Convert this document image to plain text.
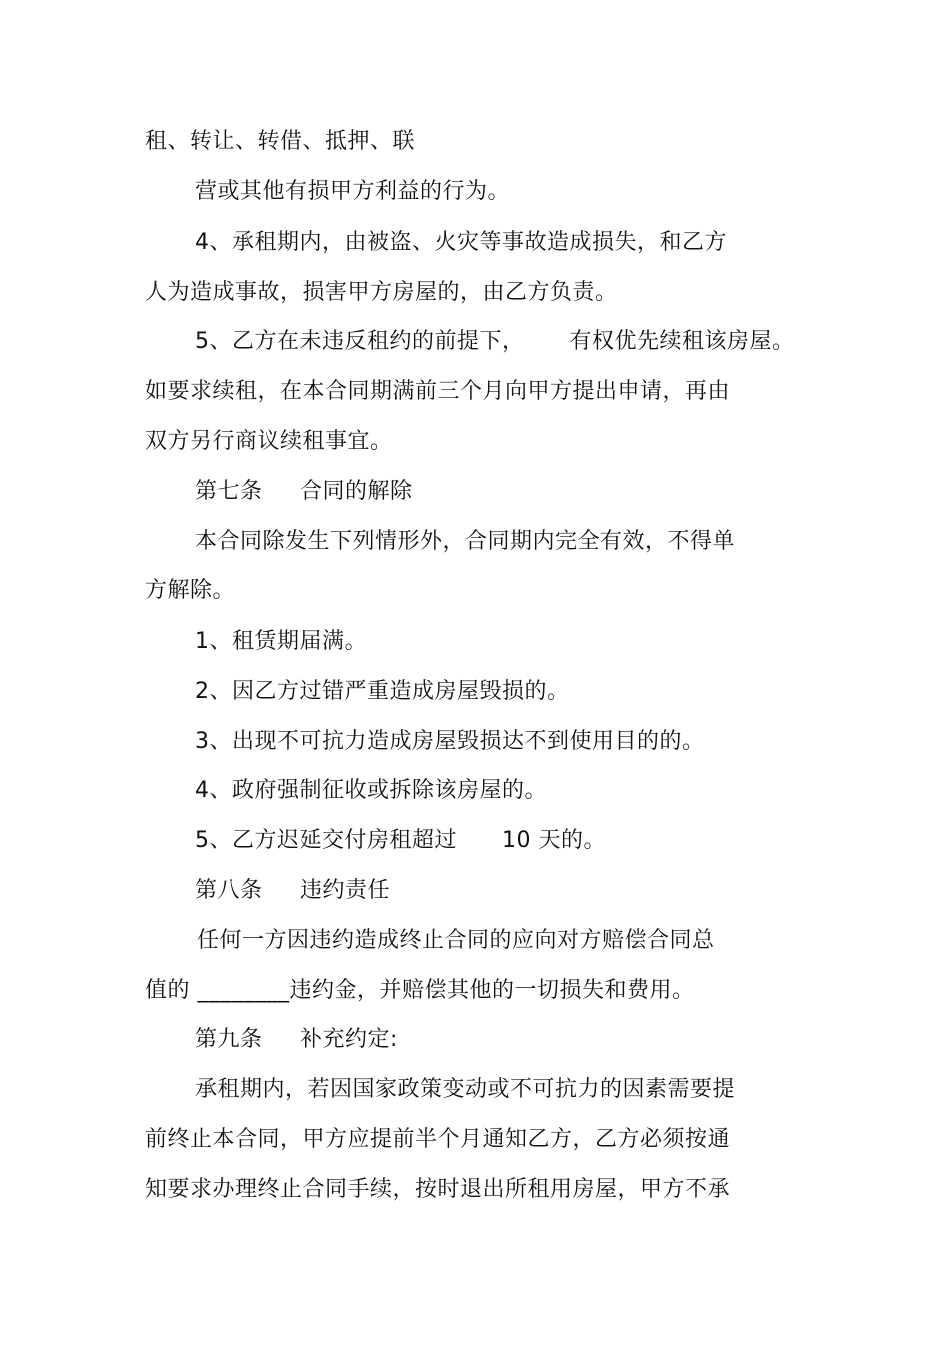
租、转让、转借、抵押、联
营或其他有损甲方利益的行为。
4、承租期内，由被盗、火灾等事故造成损失，和乙方
人为造成事故，损害甲方房屋的，由乙方负责。
5、乙方在未违反租约的前提下，      有权优先续租该房屋。
如要求续租，在本合同期满前三个月向甲方提出申请，再由
双方另行商议续租事宜。
第七条     合同的解除
本合同除发生下列情形外，合同期内完全有效，不得单
方解除。
1、租赁期届满。
2、因乙方过错严重造成房屋毁损的。
3、出现不可抗力造成房屋毁损达不到使用目的的。
4、政府强制征收或拆除该房屋的。
5、乙方迟延交付房租超过      10 天的。
第八条     违约责任
任何一方因违约造成终止合同的应向对方赔偿合同总
值的 ________违约金，并赔偿其他的一切损失和费用。
第九条     补充约定:
承租期内，若因国家政策变动或不可抗力的因素需要提
前终止本合同，甲方应提前半个月通知乙方，乙方必须按通
知要求办理终止合同手续，按时退出所租用房屋，甲方不承
